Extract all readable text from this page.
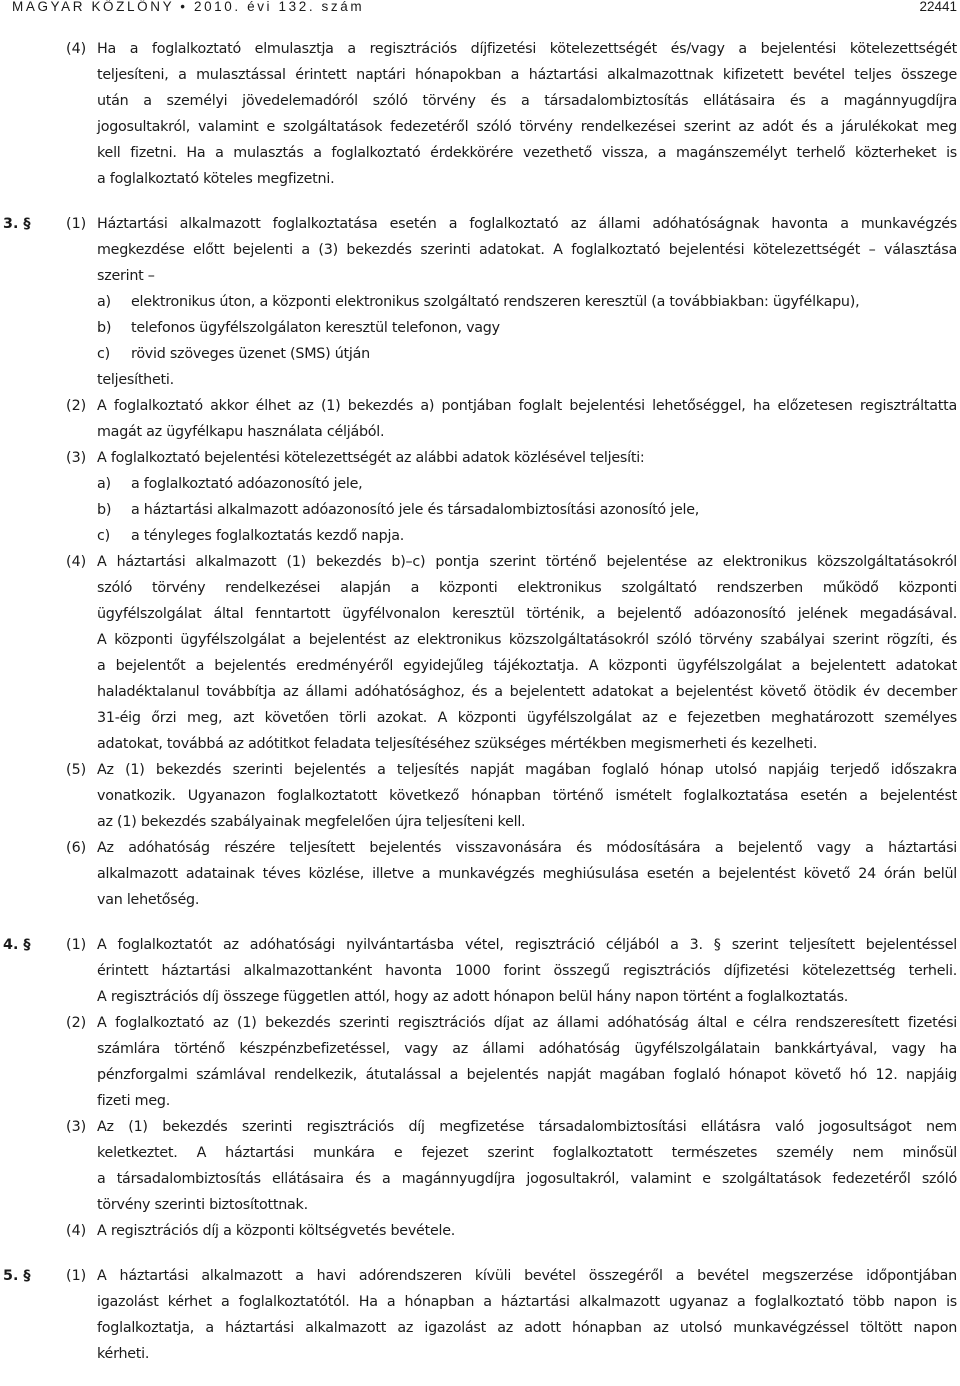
MAGYAR KÖZLÖNY • 2010. évi 132. szám	22441
(4) Ha a foglalkoztató elmulasztja a regisztrációs díjfizetési kötelezettségét és/vagy a bejelentési kötelezettségét
teljesíteni, a mulasztással érintett naptári hónapokban a háztartási alkalmazottnak kifizetett bevétel teljes összege
után a személyi jövedelemadóról szóló törvény és a társadalombiztosítás ellátásaira és a magánnyugdíjra
jogosultakról, valamint e szolgáltatások fedezetéről szóló törvény rendelkezései szerint az adót és a járulékokat meg
kell fizetni. Ha a mulasztás a foglalkoztató érdekkörére vezethető vissza, a magánszemélyt terhelő közterheket is
a foglalkoztató köteles megfizetni.
3. § (1) Háztartási alkalmazott foglalkoztatása esetén a foglalkoztató az állami adóhatóságnak havonta a munkavégzés
megkezdése előtt bejelenti a (3) bekezdés szerinti adatokat. A foglalkoztató bejelentési kötelezettségét – választása
szerint –
a)	elektronikus úton, a központi elektronikus szolgáltató rendszeren keresztül (a továbbiakban: ügyfélkapu),
b)	telefonos ügyfélszolgálaton keresztül telefonon, vagy
c)	rövid szöveges üzenet (SMS) útján
teljesítheti.
(2) A foglalkoztató akkor élhet az (1) bekezdés a) pontjában foglalt bejelentési lehetőséggel, ha előzetesen regisztráltatta
magát az ügyfélkapu használata céljából.
(3) A foglalkoztató bejelentési kötelezettségét az alábbi adatok közlésével teljesíti:
a)	a foglalkoztató adóazonosító jele,
b)	a háztartási alkalmazott adóazonosító jele és társadalombiztosítási azonosító jele,
c)	a tényleges foglalkoztatás kezdő napja.
(4) A háztartási alkalmazott (1) bekezdés b)–c) pontja szerint történő bejelentése az elektronikus közszolgáltatásokról
szóló törvény rendelkezései alapján a központi elektronikus szolgáltató rendszerben működő központi
ügyfélszolgálat által fenntartott ügyfélvonalon keresztül történik, a bejelentő adóazonosító jelének megadásával.
A központi ügyfélszolgálat a bejelentést az elektronikus közszolgáltatásokról szóló törvény szabályai szerint rögzíti, és
a bejelentőt a bejelentés eredményéről egyidejűleg tájékoztatja. A központi ügyfélszolgálat a bejelentett adatokat
haladéktalanul továbbítja az állami adóhatósághoz, és a bejelentett adatokat a bejelentést követő ötödik év december
31-éig őrzi meg, azt követően törli azokat. A központi ügyfélszolgálat az e fejezetben meghatározott személyes
adatokat, továbbá az adótitkot feladata teljesítéséhez szükséges mértékben megismerheti és kezelheti.
(5) Az (1) bekezdés szerinti bejelentés a teljesítés napját magában foglaló hónap utolsó napjáig terjedő időszakra
vonatkozik. Ugyanazon foglalkoztatott következő hónapban történő ismételt foglalkoztatása esetén a bejelentést
az (1) bekezdés szabályainak megfelelően újra teljesíteni kell.
(6) Az adóhatóság részére teljesített bejelentés visszavonására és módosítására a bejelentő vagy a háztartási
alkalmazott adatainak téves közlése, illetve a munkavégzés meghiúsulása esetén a bejelentést követő 24 órán belül
van lehetőség.
4. § (1) A foglalkoztatót az adóhatósági nyilvántartásba vétel, regisztráció céljából a 3. § szerint teljesített bejelentéssel
érintett háztartási alkalmazottanként havonta 1000 forint összegű regisztrációs díjfizetési kötelezettség terheli.
A regisztrációs díj összege független attól, hogy az adott hónapon belül hány napon történt a foglalkoztatás.
(2) A foglalkoztató az (1) bekezdés szerinti regisztrációs díjat az állami adóhatóság által e célra rendszeresített fizetési
számlára történő készpénzbefizetéssel, vagy az állami adóhatóság ügyfélszolgálatain bankkártyával, vagy ha
pénzforgalmi számlával rendelkezik, átutalással a bejelentés napját magában foglaló hónapot követő hó 12. napjáig
fizeti meg.
(3) Az (1) bekezdés szerinti regisztrációs díj megfizetése társadalombiztosítási ellátásra való jogosultságot nem
keletkeztet. A háztartási munkára e fejezet szerint foglalkoztatott természetes személy nem minősül
a társadalombiztosítás ellátásaira és a magánnyugdíjra jogosultakról, valamint e szolgáltatások fedezetéről szóló
törvény szerinti biztosítottnak.
(4) A regisztrációs díj a központi költségvetés bevétele.
5. § (1) A háztartási alkalmazott a havi adórendszeren kívüli bevétel összegéről a bevétel megszerzése időpontjában
igazolást kérhet a foglalkoztatótól. Ha a hónapban a háztartási alkalmazott ugyanaz a foglalkoztató több napon is
foglalkoztatja, a háztartási alkalmazott az igazolást az adott hónapban az utolsó munkavégzéssel töltött napon
kérheti.
